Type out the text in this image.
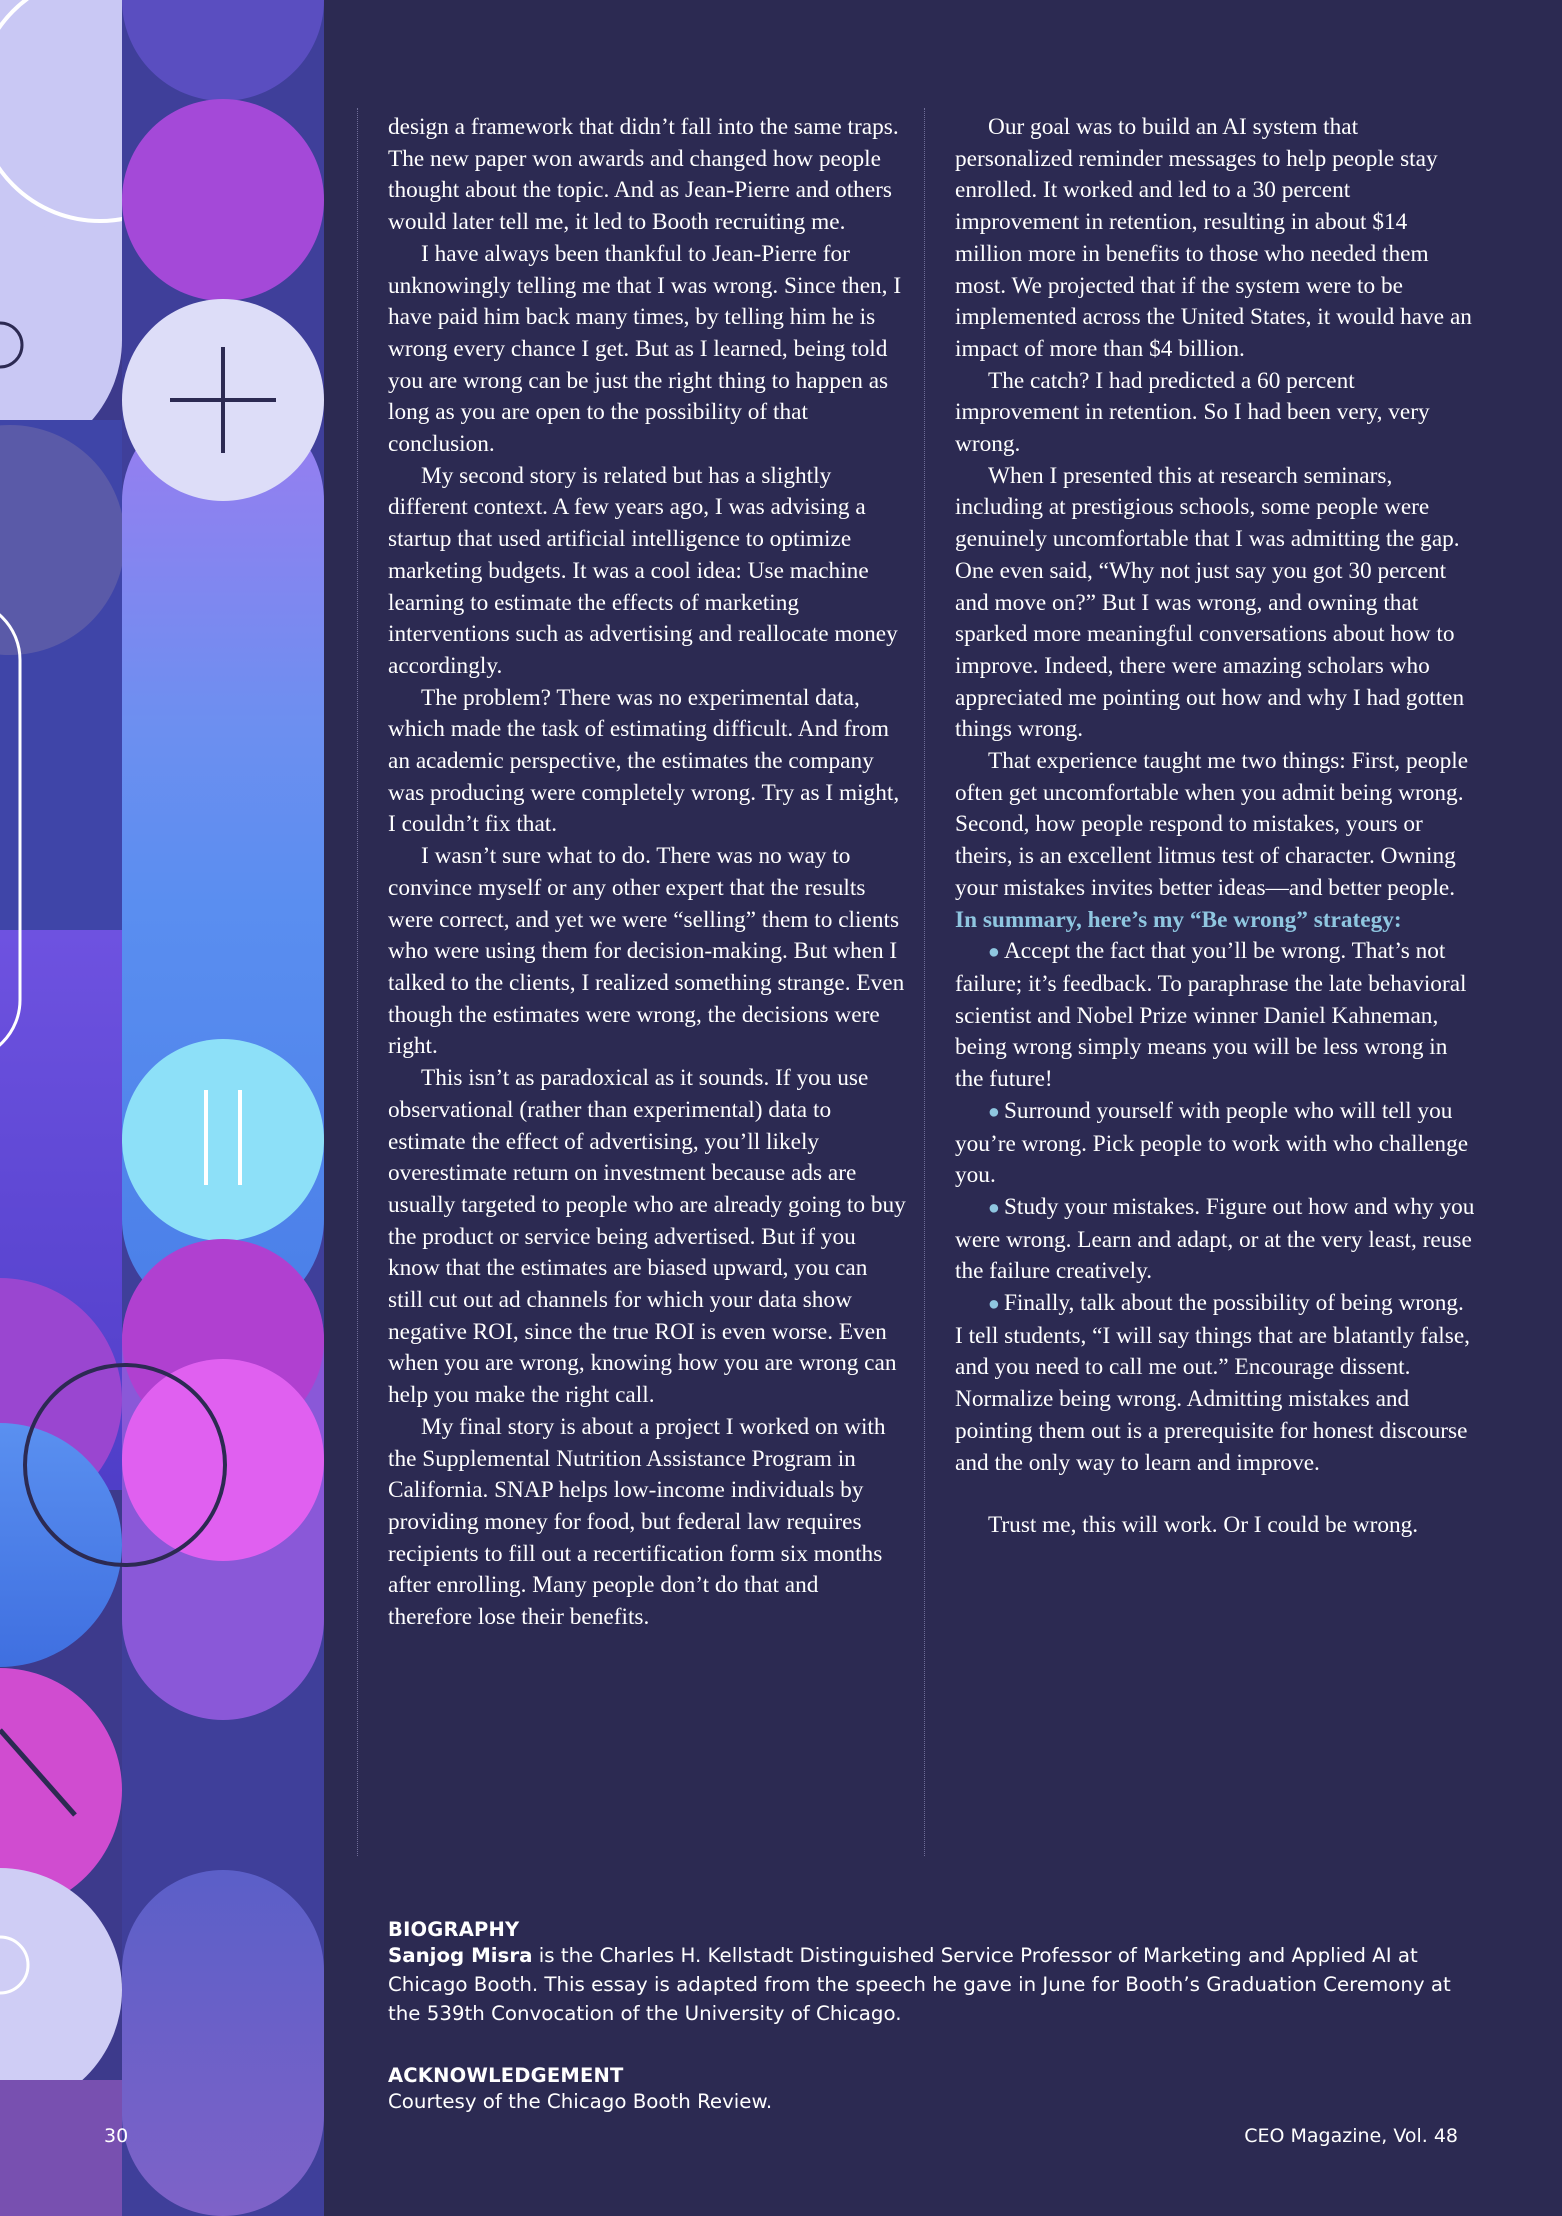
design a framework that didn’t fall into the same traps. The new paper won awards and changed how people thought about the topic. And as Jean-Pierre and others would later tell me, it led to Booth recruiting me.

I have always been thankful to Jean-Pierre for unknowingly telling me that I was wrong. Since then, I have paid him back many times, by telling him he is wrong every chance I get. But as I learned, being told you are wrong can be just the right thing to happen as long as you are open to the possibility of that conclusion.

My second story is related but has a slightly different context. A few years ago, I was advising a startup that used artificial intelligence to optimize marketing budgets. It was a cool idea: Use machine learning to estimate the effects of marketing interventions such as advertising and reallocate money accordingly.

The problem? There was no experimental data, which made the task of estimating difficult. And from an academic perspective, the estimates the company was producing were completely wrong. Try as I might, I couldn’t fix that.

I wasn’t sure what to do. There was no way to convince myself or any other expert that the results were correct, and yet we were “selling” them to clients who were using them for decision-making. But when I talked to the clients, I realized something strange. Even though the estimates were wrong, the decisions were right.

This isn’t as paradoxical as it sounds. If you use observational (rather than experimental) data to estimate the effect of advertising, you’ll likely overestimate return on investment because ads are usually targeted to people who are already going to buy the product or service being advertised. But if you know that the estimates are biased upward, you can still cut out ad channels for which your data show negative ROI, since the true ROI is even worse. Even when you are wrong, knowing how you are wrong can help you make the right call.

My final story is about a project I worked on with the Supplemental Nutrition Assistance Program in California. SNAP helps low-income individuals by providing money for food, but federal law requires recipients to fill out a recertification form six months after enrolling. Many people don’t do that and therefore lose their benefits.

Our goal was to build an AI system that personalized reminder messages to help people stay enrolled. It worked and led to a 30 percent improvement in retention, resulting in about $14 million more in benefits to those who needed them most. We projected that if the system were to be implemented across the United States, it would have an impact of more than $4 billion.

The catch? I had predicted a 60 percent improvement in retention. So I had been very, very wrong.

When I presented this at research seminars, including at prestigious schools, some people were genuinely uncomfortable that I was admitting the gap. One even said, “Why not just say you got 30 percent and move on?” But I was wrong, and owning that sparked more meaningful conversations about how to improve. Indeed, there were amazing scholars who appreciated me pointing out how and why I had gotten things wrong.

That experience taught me two things: First, people often get uncomfortable when you admit being wrong. Second, how people respond to mistakes, yours or theirs, is an excellent litmus test of character. Owning your mistakes invites better ideas—and better people.

In summary, here’s my “Be wrong” strategy:

● Accept the fact that you’ll be wrong. That’s not failure; it’s feedback. To paraphrase the late behavioral scientist and Nobel Prize winner Daniel Kahneman, being wrong simply means you will be less wrong in the future!

● Surround yourself with people who will tell you you’re wrong. Pick people to work with who challenge you.

● Study your mistakes. Figure out how and why you were wrong. Learn and adapt, or at the very least, reuse the failure creatively.

● Finally, talk about the possibility of being wrong. I tell students, “I will say things that are blatantly false, and you need to call me out.” Encourage dissent. Normalize being wrong. Admitting mistakes and pointing them out is a prerequisite for honest discourse and the only way to learn and improve.

Trust me, this will work. Or I could be wrong.

BIOGRAPHY
Sanjog Misra is the Charles H. Kellstadt Distinguished Service Professor of Marketing and Applied AI at Chicago Booth. This essay is adapted from the speech he gave in June for Booth’s Graduation Ceremony at the 539th Convocation of the University of Chicago.
ACKNOWLEDGEMENT
Courtesy of the Chicago Booth Review.
30	CEO Magazine, Vol. 48
